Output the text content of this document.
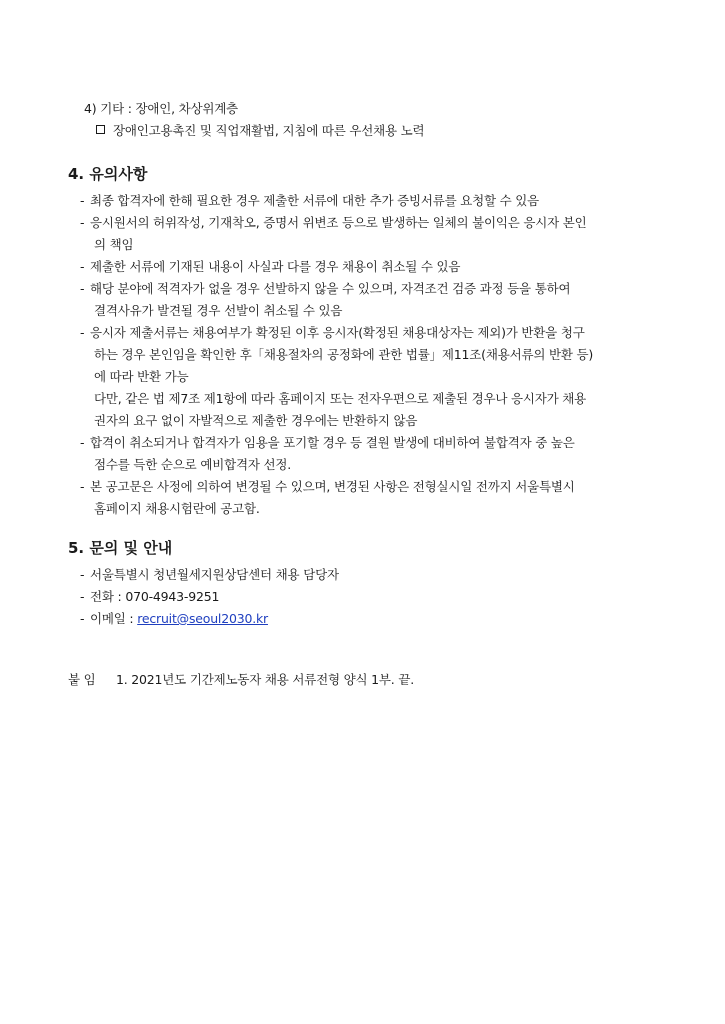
4) 기타 : 장애인, 차상위계층
장애인고용촉진 및 직업재활법, 지침에 따른 우선채용 노력
4. 유의사항
- 최종 합격자에 한해 필요한 경우 제출한 서류에 대한 추가 증빙서류를 요청할 수 있음
- 응시원서의 허위작성, 기재착오, 증명서 위변조 등으로 발생하는 일체의 불이익은 응시자 본인
의 책임
- 제출한 서류에 기재된 내용이 사실과 다를 경우 채용이 취소될 수 있음
- 해당 분야에 적격자가 없을 경우 선발하지 않을 수 있으며, 자격조건 검증 과정 등을 통하여
결격사유가 발견될 경우 선발이 취소될 수 있음
- 응시자 제출서류는 채용여부가 확정된 이후 응시자(확정된 채용대상자는 제외)가 반환을 청구
하는 경우 본인임을 확인한 후「채용절차의 공정화에 관한 법률」제11조(채용서류의 반환 등)
에 따라 반환 가능
다만, 같은 법 제7조 제1항에 따라 홈페이지 또는 전자우편으로 제출된 경우나 응시자가 채용
권자의 요구 없이 자발적으로 제출한 경우에는 반환하지 않음
- 합격이 취소되거나 합격자가 임용을 포기할 경우 등 결원 발생에 대비하여 불합격자 중 높은
점수를 득한 순으로 예비합격자 선정.
- 본 공고문은 사정에 의하여 변경될 수 있으며, 변경된 사항은 전형실시일 전까지 서울특별시
홈페이지 채용시험란에 공고함.
5. 문의 및 안내
- 서울특별시 청년월세지원상담센터 채용 담당자
- 전화 : 070-4943-9251
- 이메일 : recruit@seoul2030.kr
붙 임 1. 2021년도 기간제노동자 채용 서류전형 양식 1부. 끝.
